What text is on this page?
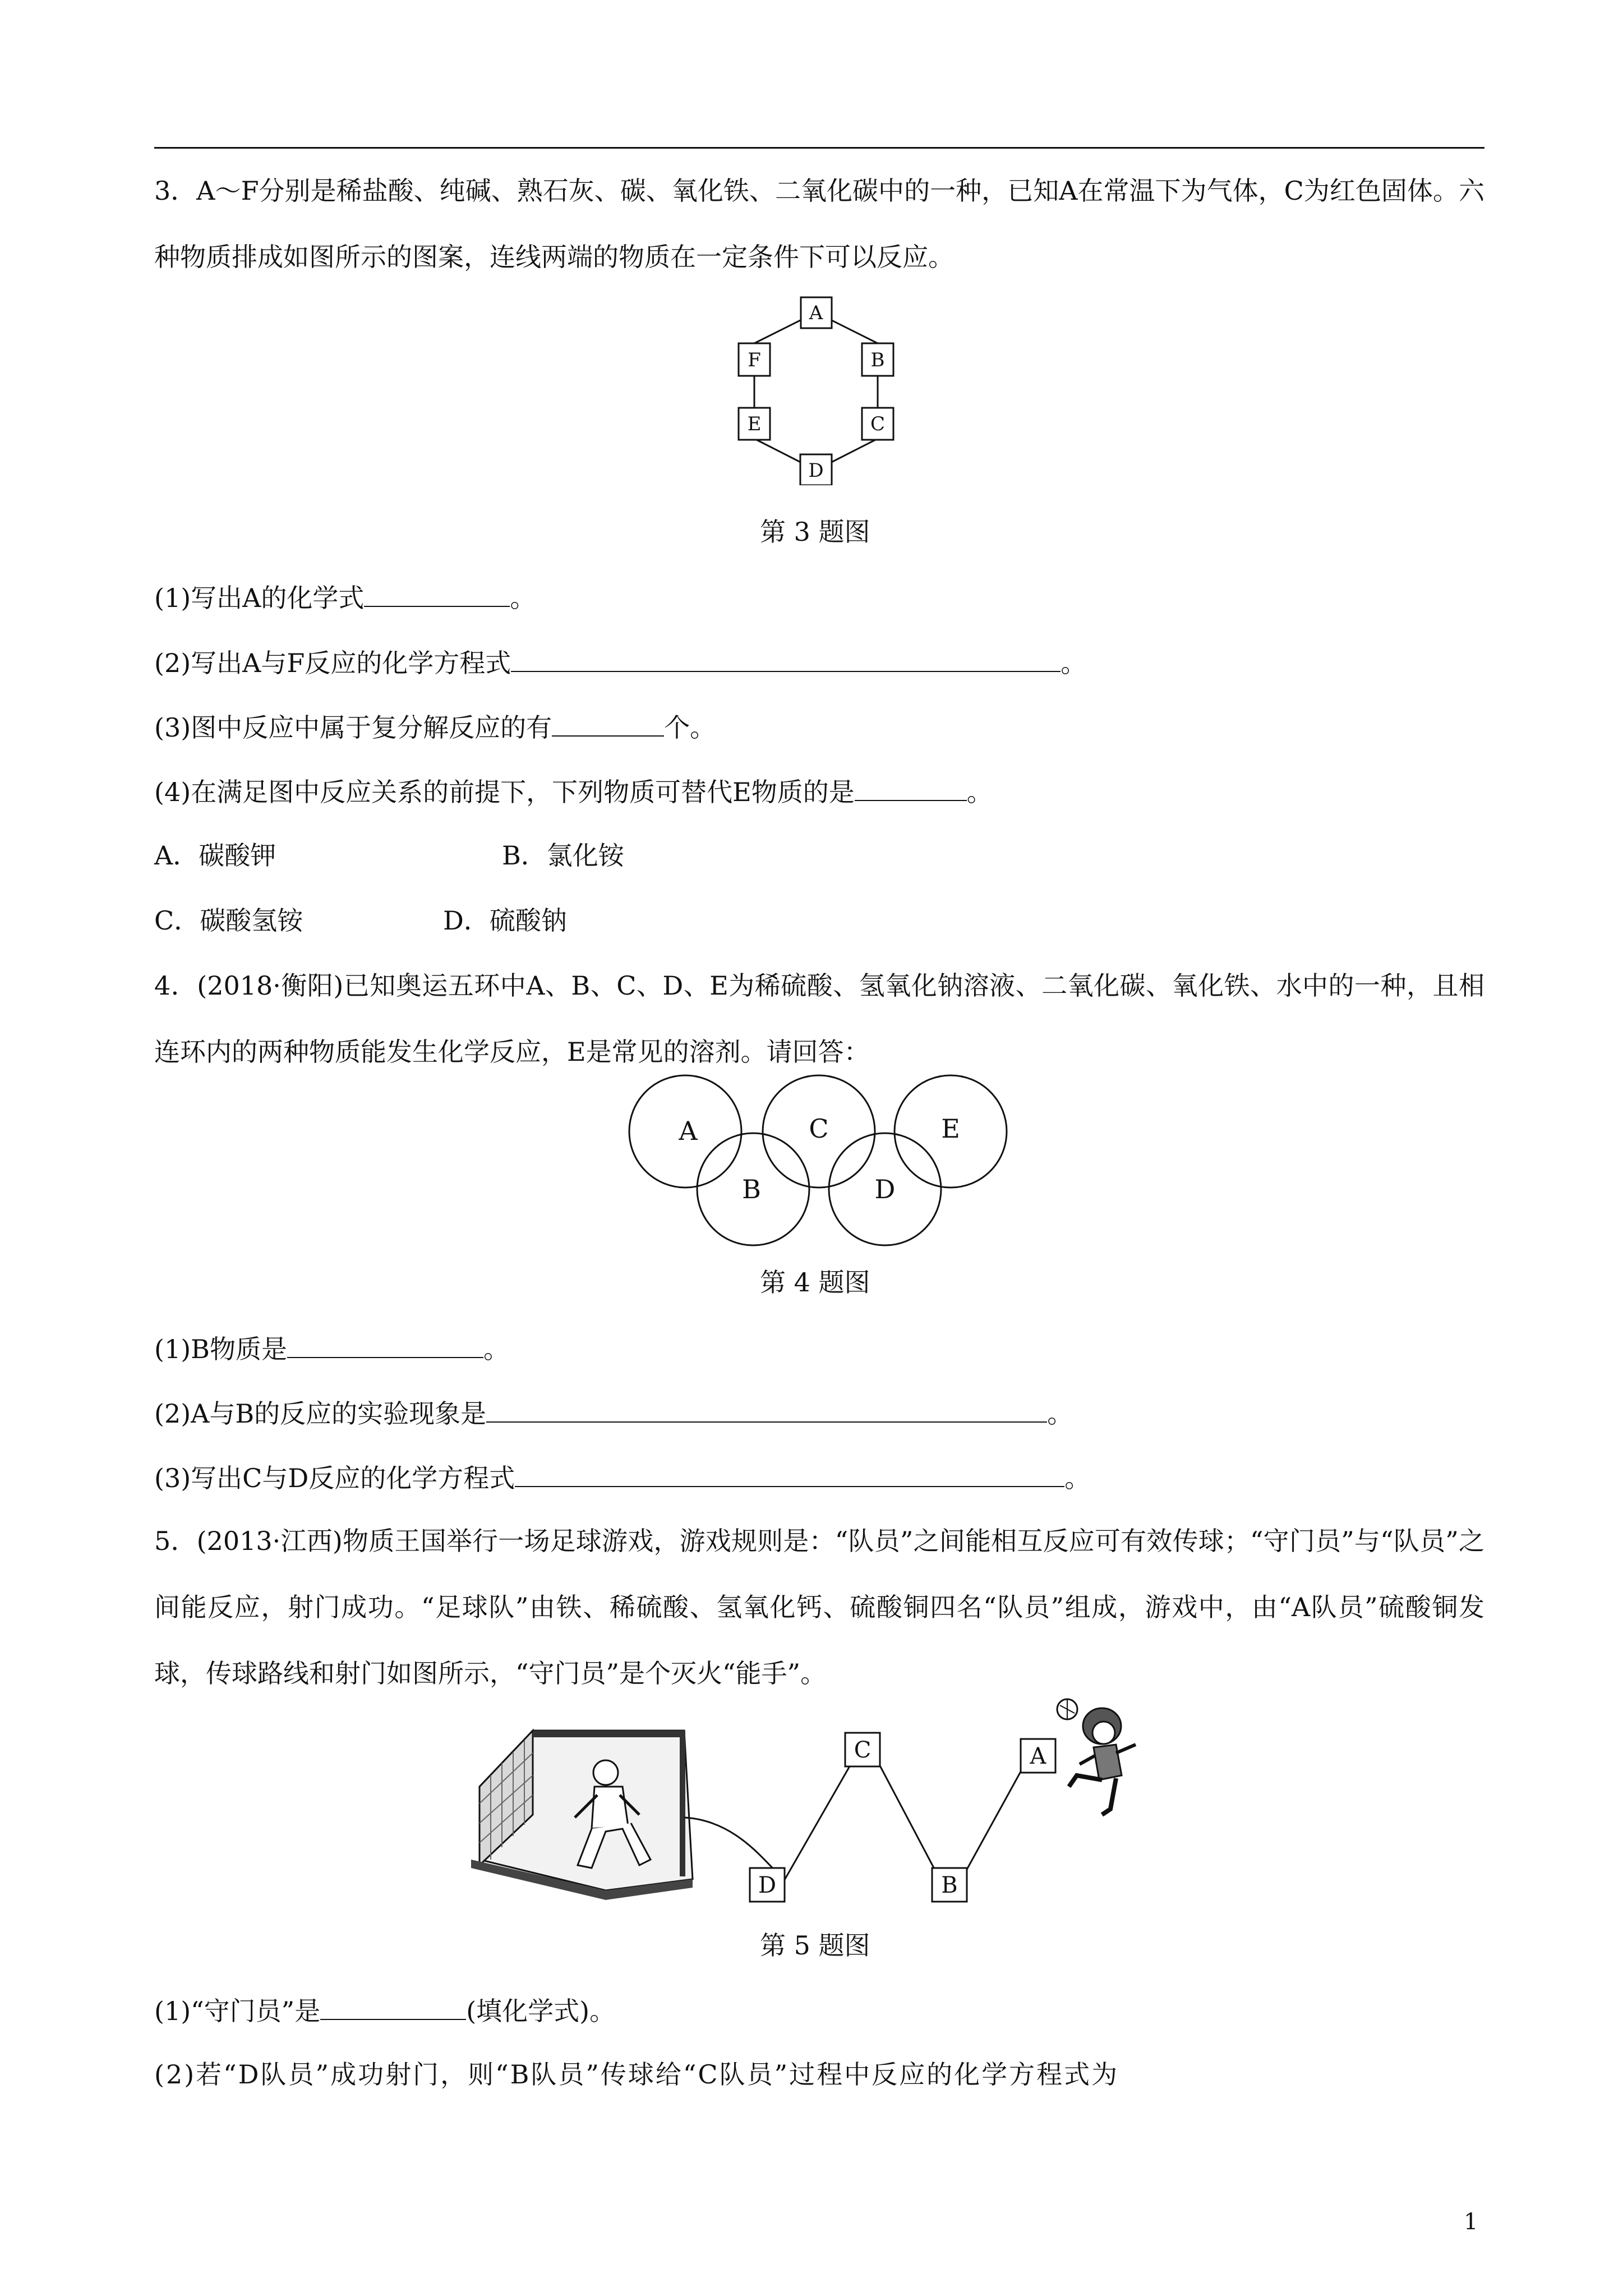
3．A～F分别是稀盐酸、纯碱、熟石灰、碳、氧化铁、二氧化碳中的一种，已知A在常温下为气体，C为红色固体。六种物质排成如图所示的图案，连线两端的物质在一定条件下可以反应。
A
B
C
D
E
F
第 3 题图
(1)写出A的化学式	。
(2)写出A与F反应的化学方程式	。
(3)图中反应中属于复分解反应的有	个。
(4)在满足图中反应关系的前提下，下列物质可替代E物质的是	。
A．碳酸钾	B．氯化铵
C．碳酸氢铵	D．硫酸钠
4．(2018·衡阳)已知奥运五环中A、B、C、D、E为稀硫酸、氢氧化钠溶液、二氧化碳、氧化铁、水中的一种，且相连环内的两种物质能发生化学反应，E是常见的溶剂。请回答：
A
B
C
D
E
第 4 题图
(1)B物质是	。
(2)A与B的反应的实验现象是	。
(3)写出C与D反应的化学方程式	。
5．(2013·江西)物质王国举行一场足球游戏，游戏规则是：“队员”之间能相互反应可有效传球；“守门员”与“队员”之间能反应，射门成功。“足球队”由铁、稀硫酸、氢氧化钙、硫酸铜四名“队员”组成，游戏中，由“A队员”硫酸铜发球，传球路线和射门如图所示，“守门员”是个灭火“能手”。
A
B
C
D
第 5 题图
(1)“守门员”是	(填化学式)。
(2)若“D队员”成功射门，则“B队员”传球给“C队员”过程中反应的化学方程式为
1
